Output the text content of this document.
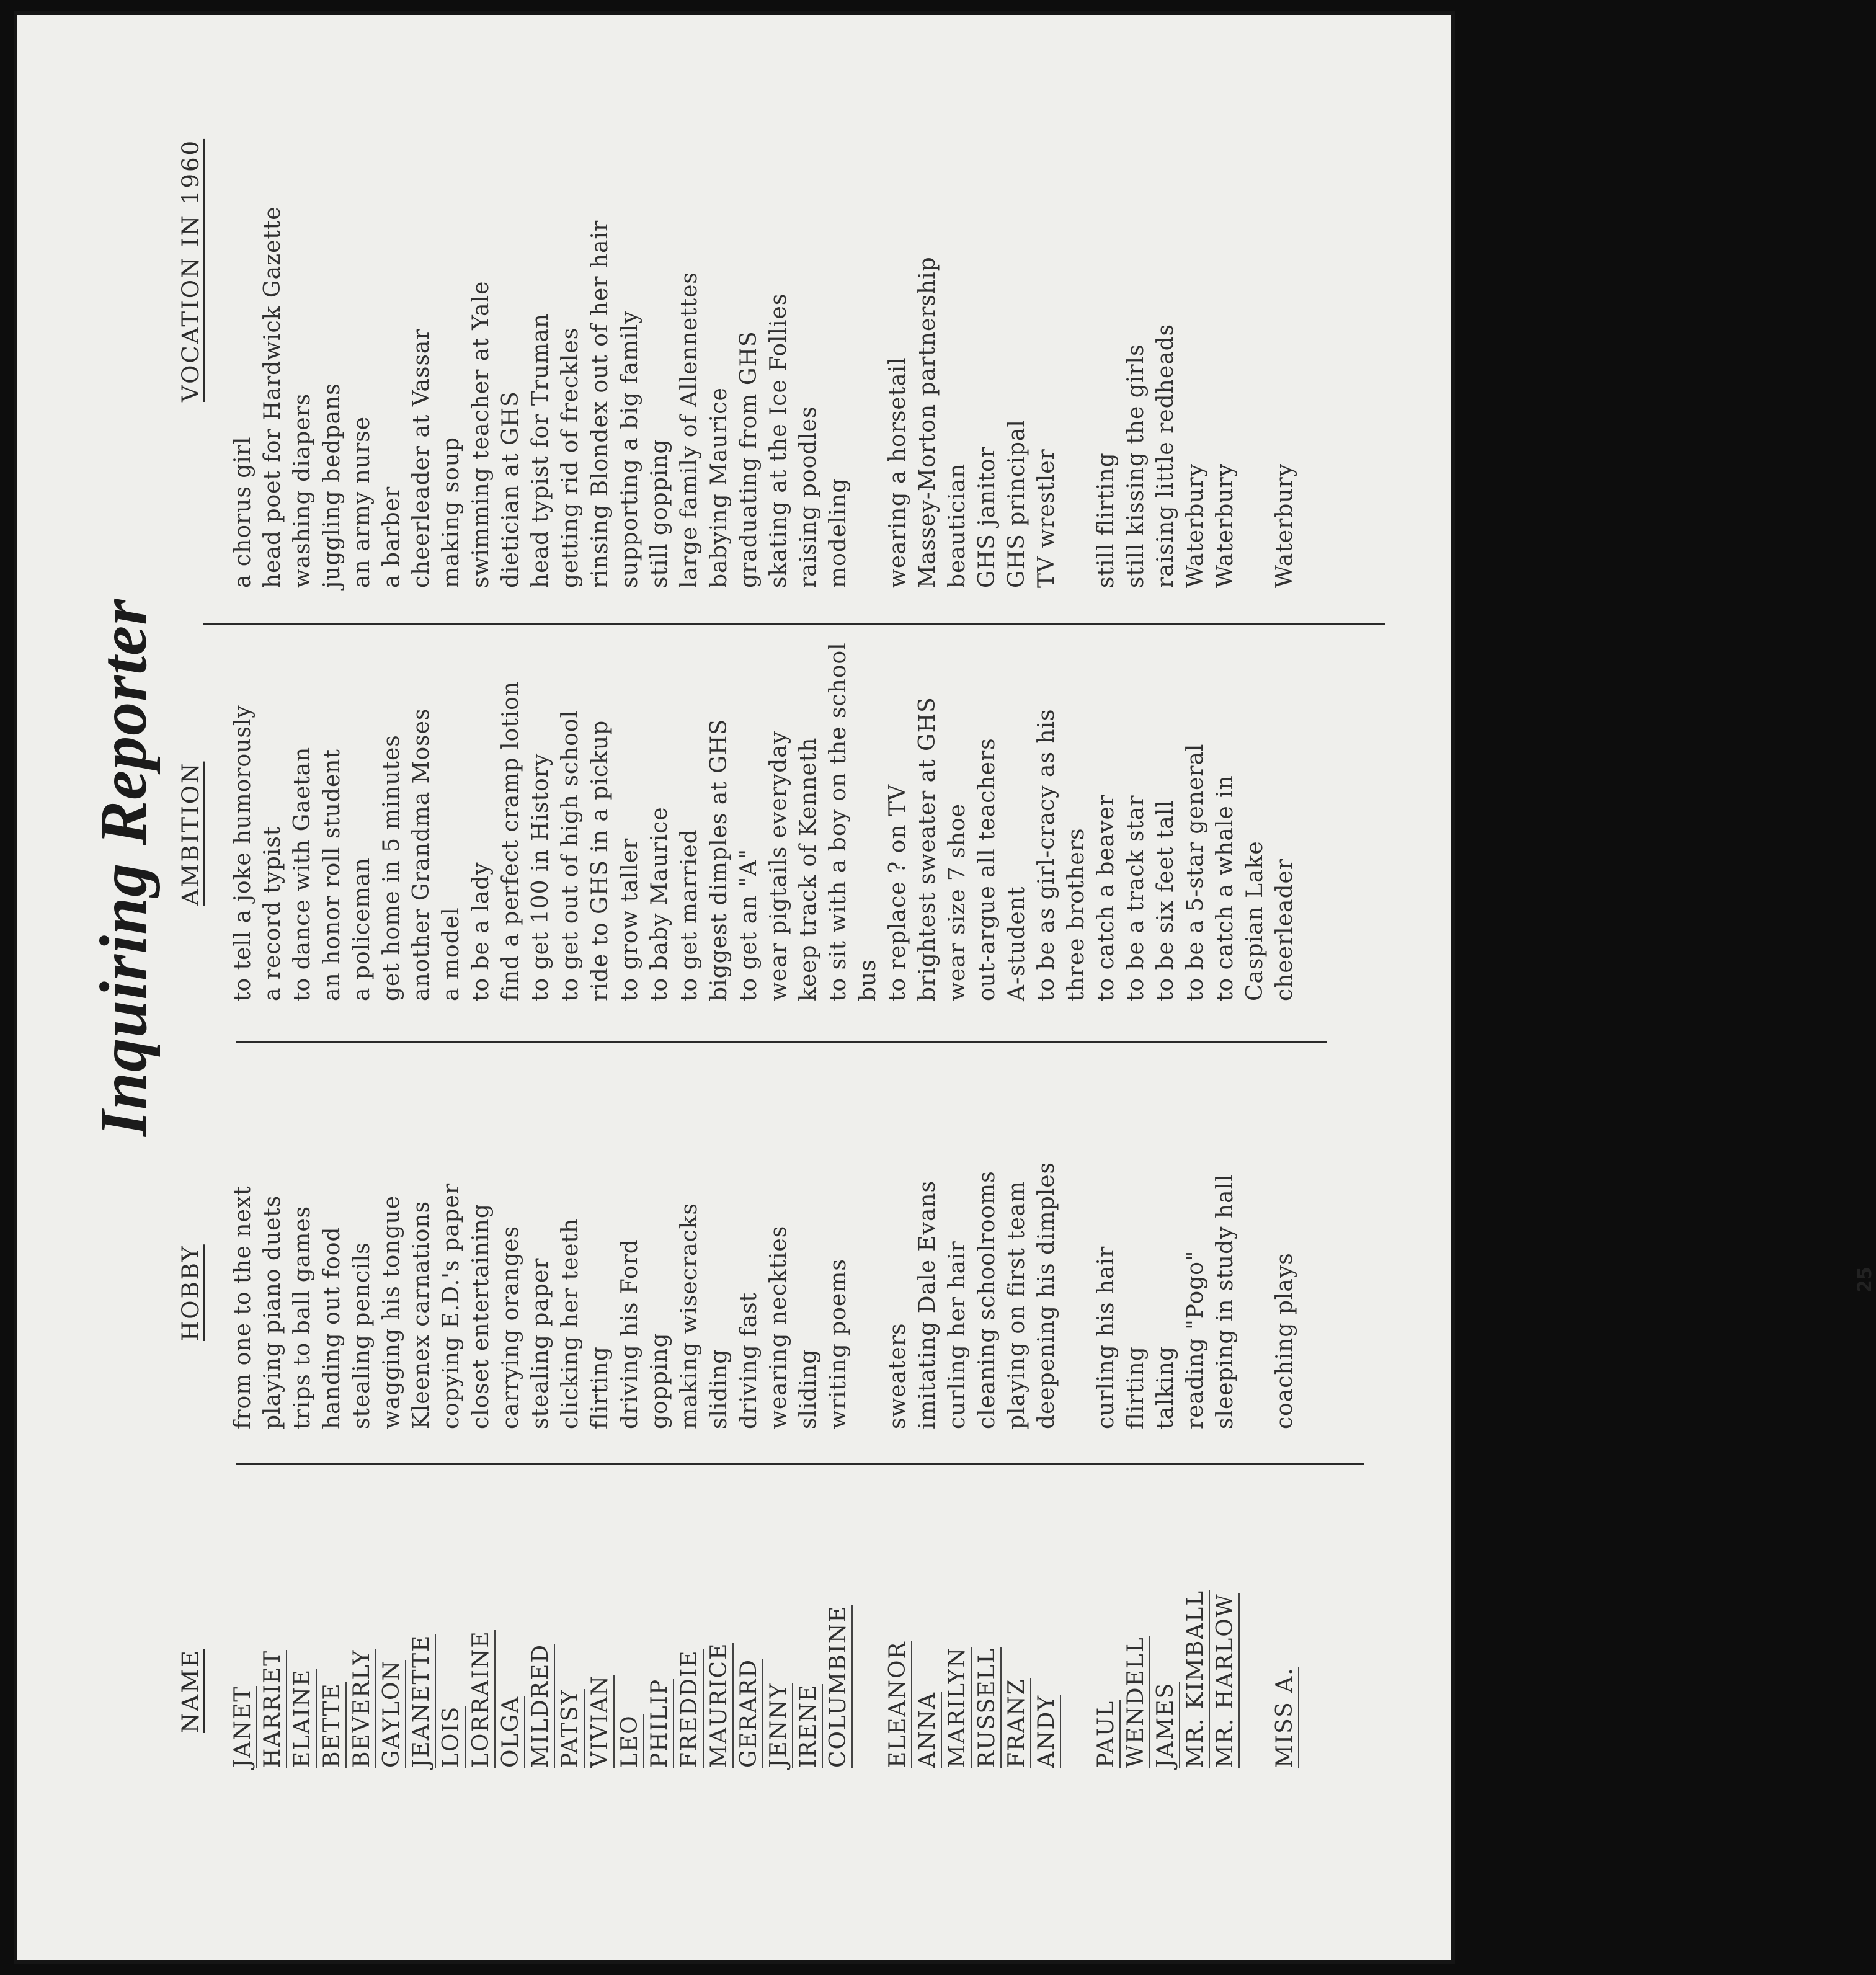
Inquiring Reporter
NAME
HOBBY
AMBITION
VOCATION IN 1960
JANET HARRIET ELAINE BETTE BEVERLY GAYLON JEANETTE LOIS LORRAINE OLGA MILDRED PATSY VIVIAN LEO PHILIP FREDDIE MAURICE GERARD JENNY IRENE COLUMBINE ELEANOR ANNA MARILYN RUSSELL FRANZ ANDY PAUL WENDELL JAMES MR. KIMBALL MR. HARLOW MISS A.
from one to the next playing piano duets trips to ball games handing out food stealing pencils wagging his tongue Kleenex carnations copying E.D.'s paper closet entertaining carrying oranges stealing paper clicking her teeth flirting driving his Ford gopping making wisecracks sliding driving fast wearing neckties sliding writing poems sweaters imitating Dale Evans curling her hair cleaning schoolrooms playing on first team deepening his dimples curling his hair flirting talking reading "Pogo" sleeping in study hall coaching plays
to tell a joke humorously a record typist to dance with Gaetan an honor roll student a policeman get home in 5 minutes another Grandma Moses a model to be a lady find a perfect cramp lotion to get 100 in History to get out of high school ride to GHS in a pickup to grow taller to baby Maurice to get married biggest dimples at GHS to get an "A" wear pigtails everyday keep track of Kenneth to sit with a boy on the school bus to replace ? on TV brightest sweater at GHS wear size 7 shoe out-argue all teachers A-student to be as girl-cracy as his three brothers to catch a beaver to be a track star to be six feet tall to be a 5-star general to catch a whale in Caspian Lake cheerleader
a chorus girl head poet for Hardwick Gazette washing diapers juggling bedpans an army nurse a barber cheerleader at Vassar making soup swimming teacher at Yale dietician at GHS head typist for Truman getting rid of freckles rinsing Blondex out of her hair supporting a big family still gopping large family of Allennettes babying Maurice graduating from GHS skating at the Ice Follies raising poodles modeling wearing a horsetail Massey-Morton partnership beautician GHS janitor GHS principal TV wrestler still flirting still kissing the girls raising little redheads Waterbury Waterbury Waterbury
25
